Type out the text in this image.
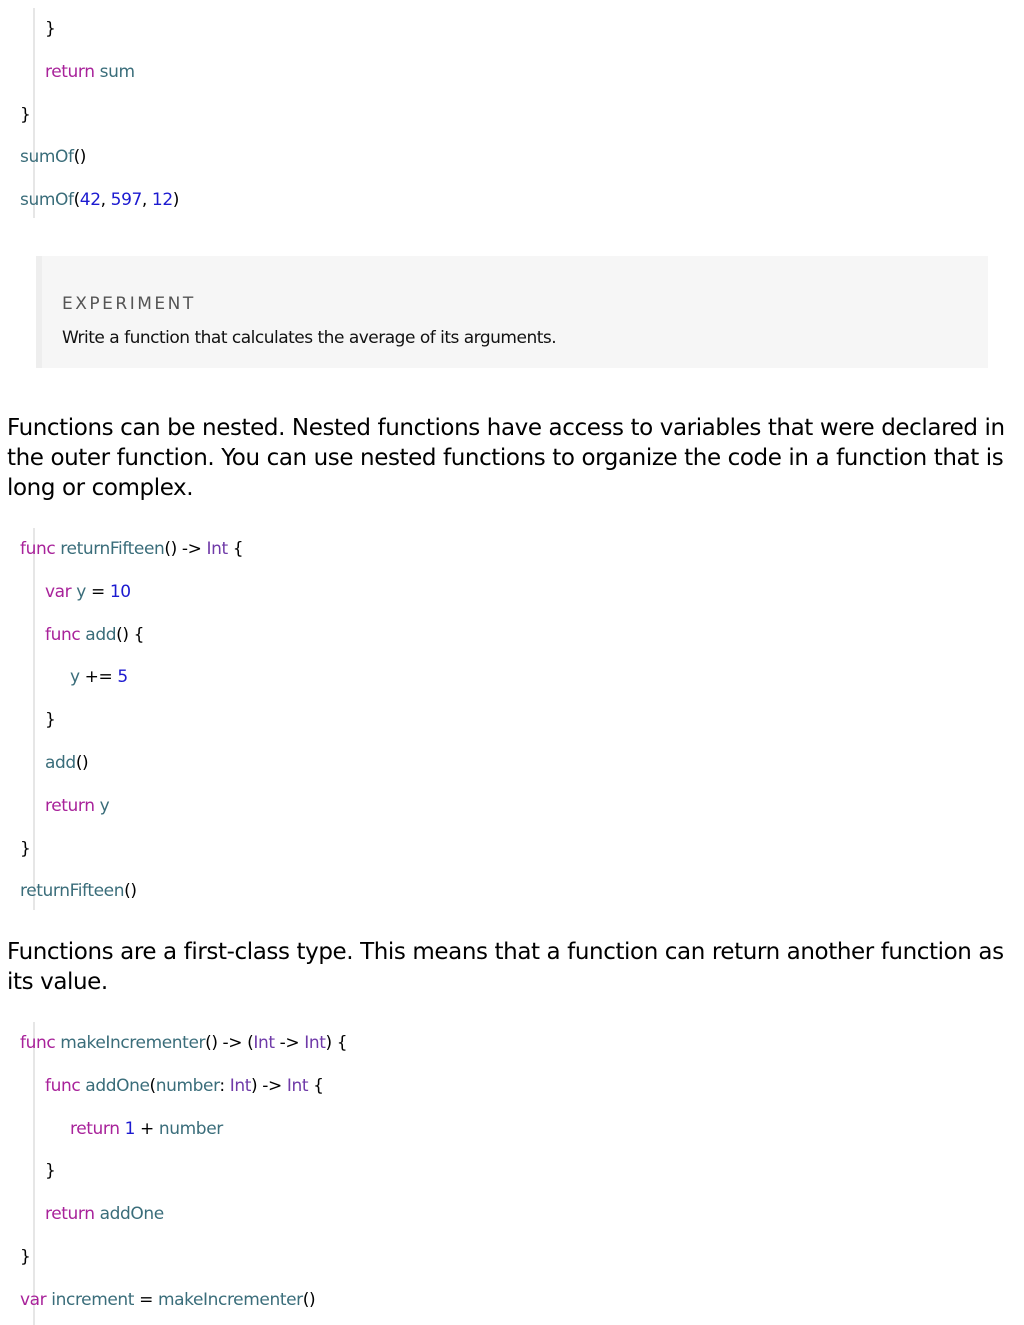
}
return sum
}
sumOf()
sumOf(42, 597, 12)
EXPERIMENT
Write a function that calculates the average of its arguments.
Functions can be nested. Nested functions have access to variables that were declared in the outer function. You can use nested functions to organize the code in a function that is long or complex.
func returnFifteen() -> Int {
var y = 10
func add() {
y += 5
}
add()
return y
}
returnFifteen()
Functions are a first-class type. This means that a function can return another function as its value.
func makeIncrementer() -> (Int -> Int) {
func addOne(number: Int) -> Int {
return 1 + number
}
return addOne
}
var increment = makeIncrementer()
